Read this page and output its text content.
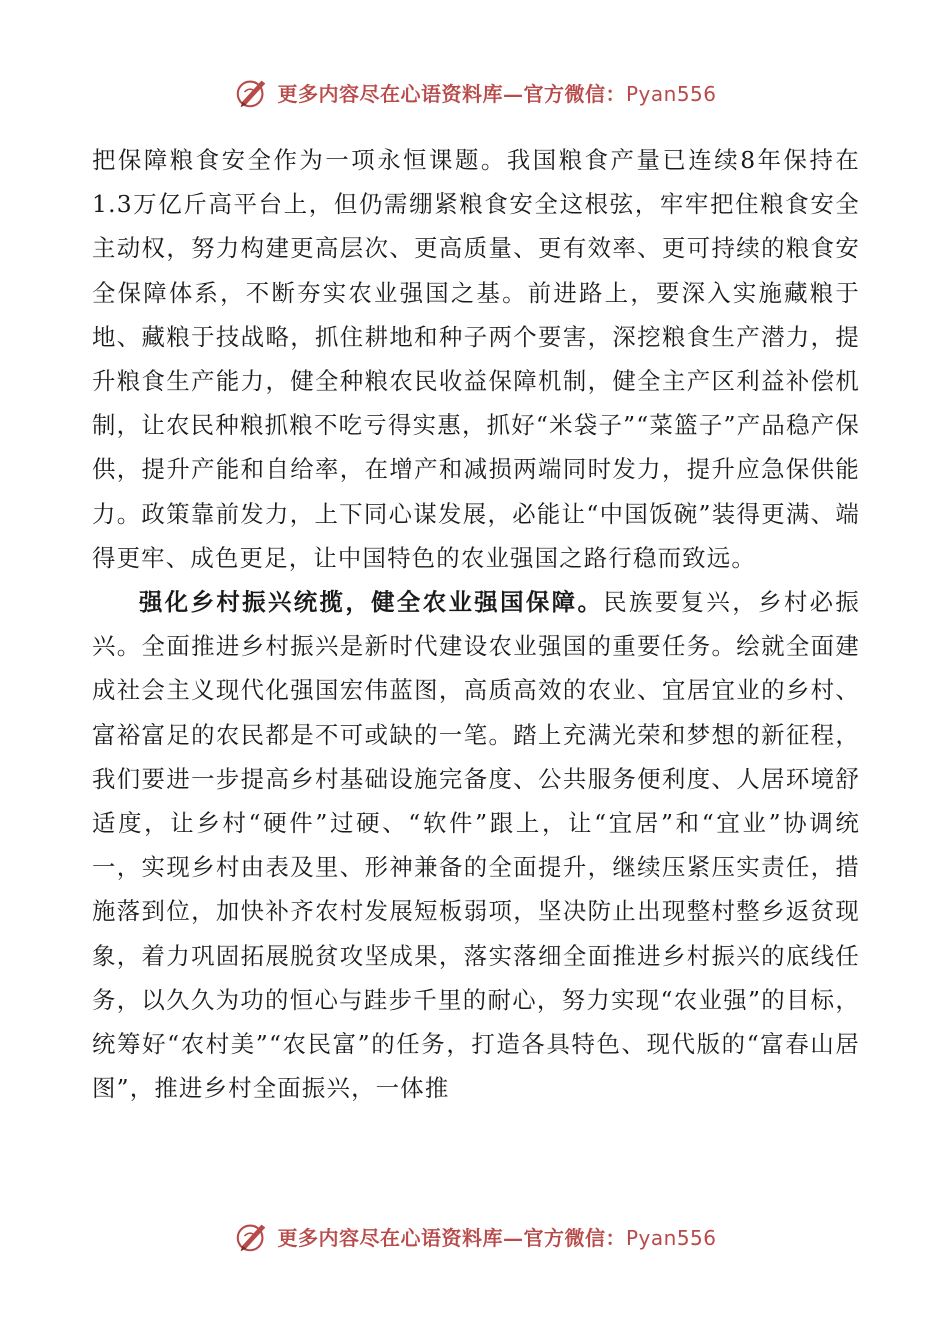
更多内容尽在心语资料库—官方微信：Pyan556

把保障粮食安全作为一项永恒课题。我国粮食产量已连续8年保持在1.3万亿斤高平台上，但仍需绷紧粮食安全这根弦，牢牢把住粮食安全主动权，努力构建更高层次、更高质量、更有效率、更可持续的粮食安全保障体系，不断夯实农业强国之基。前进路上，要深入实施藏粮于地、藏粮于技战略，抓住耕地和种子两个要害，深挖粮食生产潜力，提升粮食生产能力，健全种粮农民收益保障机制，健全主产区利益补偿机制，让农民种粮抓粮不吃亏得实惠，抓好“米袋子”“菜篮子”产品稳产保供，提升产能和自给率，在增产和减损两端同时发力，提升应急保供能力。政策靠前发力，上下同心谋发展，必能让“中国饭碗”装得更满、端得更牢、成色更足，让中国特色的农业强国之路行稳而致远。

强化乡村振兴统揽，健全农业强国保障。民族要复兴，乡村必振兴。全面推进乡村振兴是新时代建设农业强国的重要任务。绘就全面建成社会主义现代化强国宏伟蓝图，高质高效的农业、宜居宜业的乡村、富裕富足的农民都是不可或缺的一笔。踏上充满光荣和梦想的新征程，我们要进一步提高乡村基础设施完备度、公共服务便利度、人居环境舒适度，让乡村“硬件”过硬、“软件”跟上，让“宜居”和“宜业”协调统一，实现乡村由表及里、形神兼备的全面提升，继续压紧压实责任，措施落到位，加快补齐农村发展短板弱项，坚决防止出现整村整乡返贫现象，着力巩固拓展脱贫攻坚成果，落实落细全面推进乡村振兴的底线任务，以久久为功的恒心与跬步千里的耐心，努力实现“农业强”的目标，统筹好“农村美”“农民富”的任务，打造各具特色、现代版的“富春山居图”，推进乡村全面振兴，一体推

更多内容尽在心语资料库—官方微信：Pyan556
